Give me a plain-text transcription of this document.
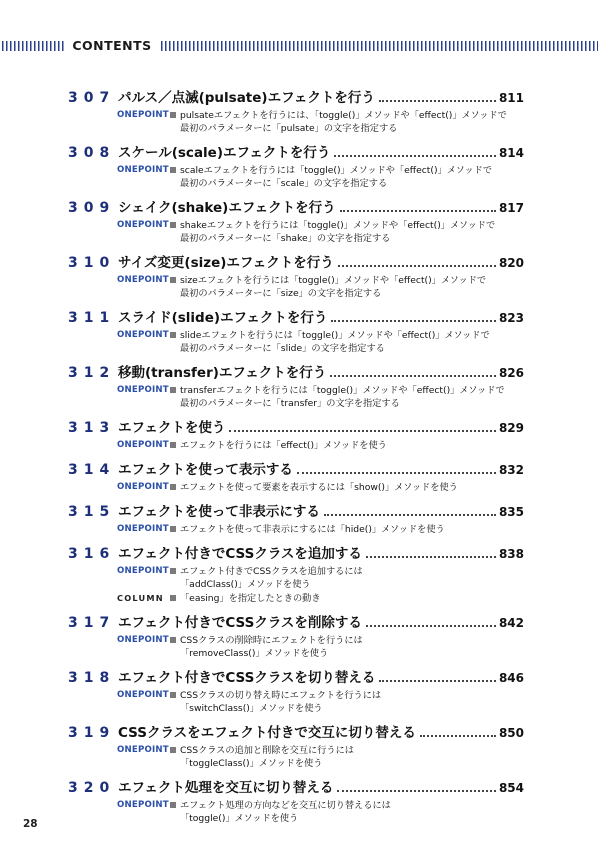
CONTENTS
307 パルス／点滅(pulsate)エフェクトを行う	811
ONEPOINT pulsateエフェクトを行うには、「toggle()」メソッドや「effect()」メソッドで
最初のパラメーターに「pulsate」の文字を指定する
308 スケール(scale)エフェクトを行う	814
ONEPOINT scaleエフェクトを行うには「toggle()」メソッドや「effect()」メソッドで
最初のパラメーターに「scale」の文字を指定する
309 シェイク(shake)エフェクトを行う	817
ONEPOINT shakeエフェクトを行うには「toggle()」メソッドや「effect()」メソッドで
最初のパラメーターに「shake」の文字を指定する
310 サイズ変更(size)エフェクトを行う	820
ONEPOINT sizeエフェクトを行うには「toggle()」メソッドや「effect()」メソッドで
最初のパラメーターに「size」の文字を指定する
311 スライド(slide)エフェクトを行う	823
ONEPOINT slideエフェクトを行うには「toggle()」メソッドや「effect()」メソッドで
最初のパラメーターに「slide」の文字を指定する
312 移動(transfer)エフェクトを行う	826
ONEPOINT transferエフェクトを行うには「toggle()」メソッドや「effect()」メソッドで
最初のパラメーターに「transfer」の文字を指定する
313 エフェクトを使う	829
ONEPOINT エフェクトを行うには「effect()」メソッドを使う
314 エフェクトを使って表示する	832
ONEPOINT エフェクトを使って要素を表示するには「show()」メソッドを使う
315 エフェクトを使って非表示にする	835
ONEPOINT エフェクトを使って非表示にするには「hide()」メソッドを使う
316 エフェクト付きでCSSクラスを追加する	838
ONEPOINT エフェクト付きでCSSクラスを追加するには
「addClass()」メソッドを使う
COLUMN	「easing」を指定したときの動き
317 エフェクト付きでCSSクラスを削除する	842
ONEPOINT CSSクラスの削除時にエフェクトを行うには
「removeClass()」メソッドを使う
318 エフェクト付きでCSSクラスを切り替える	846
ONEPOINT CSSクラスの切り替え時にエフェクトを行うには
「switchClass()」メソッドを使う
319 CSSクラスをエフェクト付きで交互に切り替える	850
ONEPOINT CSSクラスの追加と削除を交互に行うには
「toggleClass()」メソッドを使う
320 エフェクト処理を交互に切り替える	854
ONEPOINT エフェクト処理の方向などを交互に切り替えるには
「toggle()」メソッドを使う
28
